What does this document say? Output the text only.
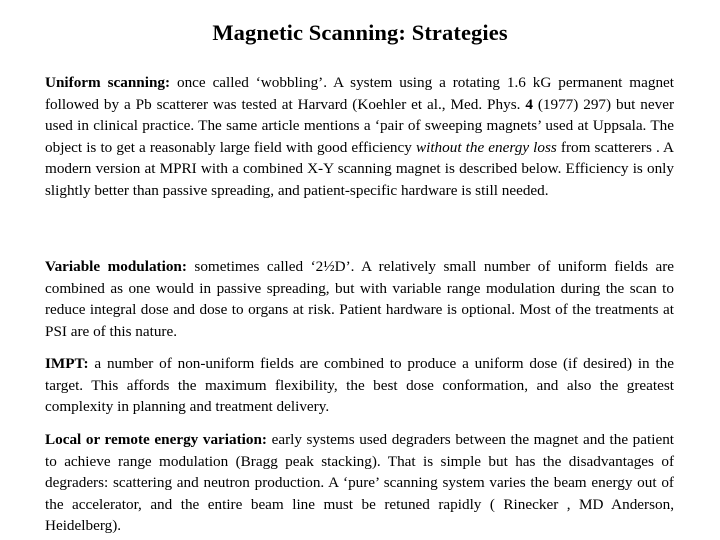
Magnetic Scanning: Strategies

Uniform scanning: once called ‘wobbling’. A system using a rotating 1.6 kG permanent magnet followed by a Pb scatterer was tested at Harvard (Koehler et al., Med. Phys. 4 (1977) 297) but never used in clinical practice. The same article mentions a ‘pair of sweeping magnets’ used at Uppsala. The object is to get a reasonably large field with good efficiency without the energy loss from scatterers . A modern version at MPRI with a combined X-Y scanning magnet is described below. Efficiency is only slightly better than passive spreading, and patient-specific hardware is still needed.

Variable modulation: sometimes called ‘2½D’. A relatively small number of uniform fields are combined as one would in passive spreading, but with variable range modulation during the scan to reduce integral dose and dose to organs at risk. Patient hardware is optional. Most of the treatments at PSI are of this nature.

IMPT: a number of non-uniform fields are combined to produce a uniform dose (if desired) in the target. This affords the maximum flexibility, the best dose conformation, and also the greatest complexity in planning and treatment delivery.

Local or remote energy variation: early systems used degraders between the magnet and the patient to achieve range modulation (Bragg peak stacking). That is simple but has the disadvantages of degraders: scattering and neutron production. A ‘pure’ scanning system varies the beam energy out of the accelerator, and the entire beam line must be retuned rapidly ( Rinecker , MD Anderson, Heidelberg).
